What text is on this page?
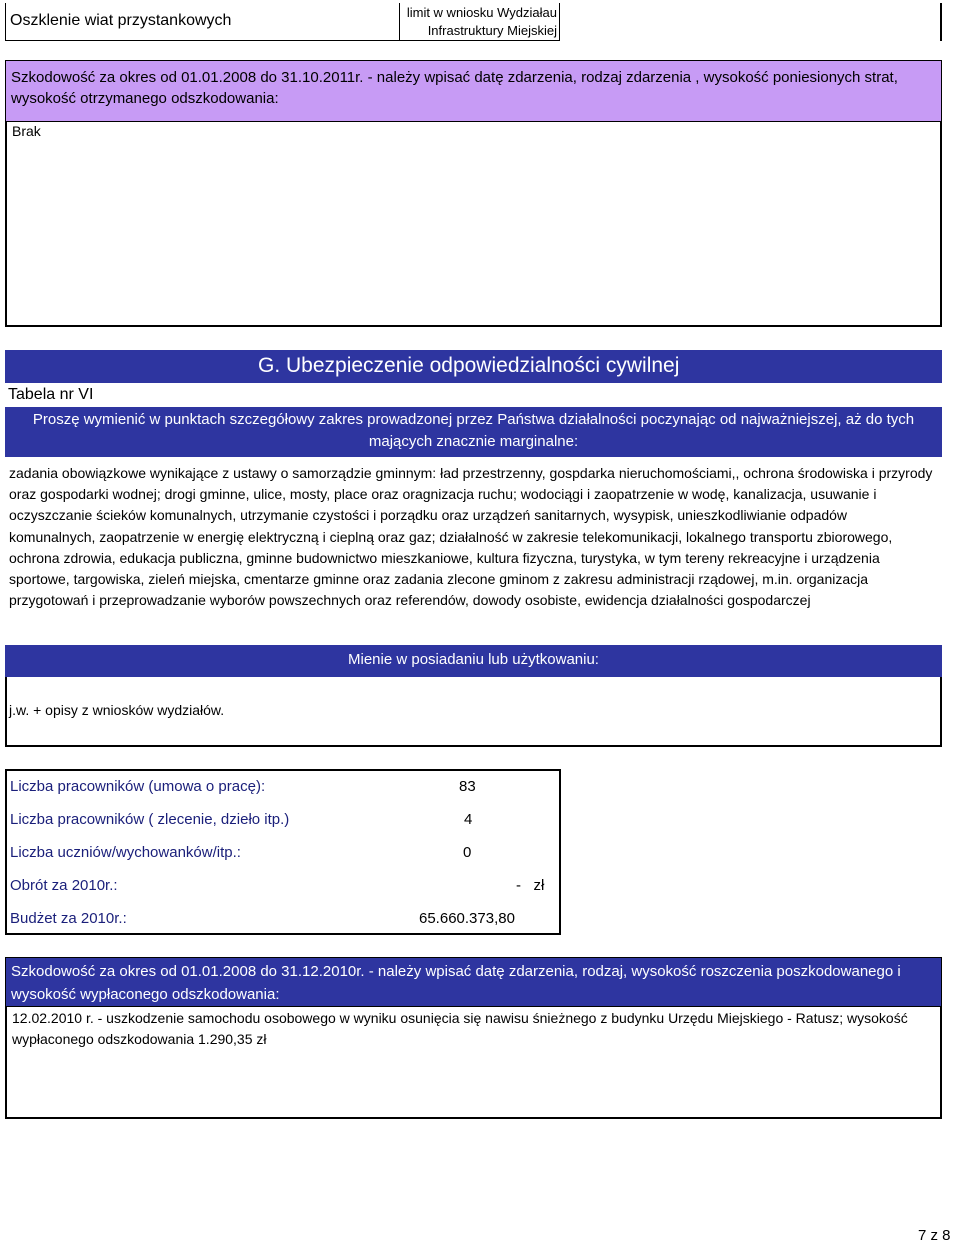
Oszklenie wiat przystankowych	limit w wniosku Wydziałau Infrastruktury Miejskiej
Szkodowość za okres od 01.01.2008 do 31.10.2011r. - należy wpisać datę zdarzenia, rodzaj zdarzenia , wysokość poniesionych strat, wysokość otrzymanego odszkodowania:
Brak
G. Ubezpieczenie odpowiedzialności cywilnej
Tabela nr VI
Proszę wymienić w punktach szczegółowy zakres prowadzonej przez Państwa działalności poczynając od najważniejszej, aż do tych mających znacznie marginalne:
zadania obowiązkowe wynikające z ustawy o samorządzie gminnym: ład przestrzenny, gospdarka nieruchomościami,, ochrona środowiska i przyrody oraz gospodarki wodnej; drogi gminne, ulice, mosty, place oraz oragnizacja ruchu; wodociągi i zaopatrzenie w wodę, kanalizacja, usuwanie i oczyszczanie ścieków komunalnych, utrzymanie czystości i porządku oraz urządzeń sanitarnych, wysypisk, unieszkodliwianie odpadów komunalnych, zaopatrzenie w energię elektryczną i cieplną oraz gaz; działalność w zakresie telekomunikacji, lokalnego transportu zbiorowego, ochrona zdrowia, edukacja publiczna, gminne budownictwo mieszkaniowe, kultura fizyczna, turystyka, w tym tereny rekreacyjne i urządzenia sportowe, targowiska, zieleń miejska, cmentarze gminne oraz zadania zlecone gminom z zakresu administracji rządowej, m.in. organizacja przygotowań i przeprowadzanie wyborów powszechnych oraz referendów, dowody osobiste, ewidencja działalności gospodarczej
Mienie w posiadaniu lub użytkowaniu:
j.w. + opisy z wniosków wydziałów.
Liczba pracowników (umowa o pracę):	83
Liczba pracowników ( zlecenie, dzieło itp.)	4
Liczba uczniów/wychowanków/itp.:	0
Obrót za 2010r.:	-   zł
Budżet za 2010r.:	65.660.373,80
Szkodowość za okres od 01.01.2008 do 31.12.2010r. - należy wpisać datę zdarzenia, rodzaj, wysokość roszczenia poszkodowanego i wysokość wypłaconego odszkodowania:
12.02.2010 r. - uszkodzenie samochodu osobowego w wyniku osunięcia się nawisu śnieżnego z budynku Urzędu Miejskiego - Ratusz; wysokość wypłaconego odszkodowania 1.290,35 zł
7 z 8
